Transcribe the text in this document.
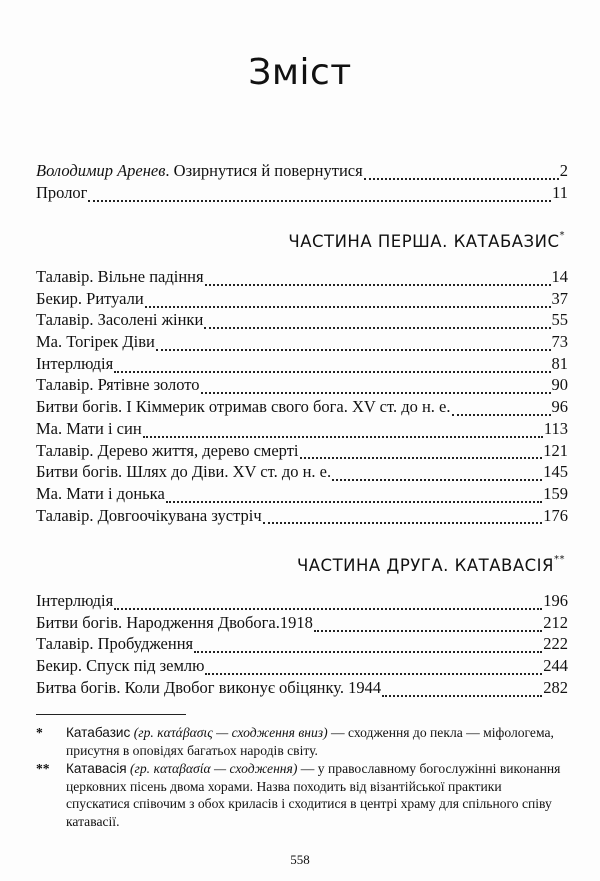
Зміст
Володимир Аренев. Озирнутися й повернутися	2
Пролог	11
ЧАСТИНА ПЕРША. КАТАБАЗИС*
Талавір. Вільне падіння	14
Бекир. Ритуали	37
Талавір. Засолені жінки	55
Ма. Тогірек Діви	73
Інтерлюдія	81
Талавір. Рятівне золото	90
Битви богів. І Кіммерик отримав свого бога. XV ст. до н. е.	96
Ма. Мати і син	113
Талавір. Дерево життя, дерево смерті	121
Битви богів. Шлях до Діви. XV ст. до н. е.	145
Ма. Мати і донька	159
Талавір. Довгоочікувана зустріч	176
ЧАСТИНА ДРУГА. КАТАВАСІЯ**
Інтерлюдія	196
Битви богів. Народження Двобога.1918	212
Талавір. Пробудження	222
Бекир. Спуск під землю	244
Битва богів. Коли Двобог виконує обіцянку. 1944	282
*	Катабазис (гр. κατάβασις — сходження вниз) — сходження до пекла — міфологема, присутня в оповідях багатьох народів світу.
**	Катавасія (гр. καταβασία — сходження) — у православному богослужінні виконання церковних пісень двома хорами. Назва походить від візантійської практики спускатися співочим з обох криласів і сходитися в центрі храму для спільного співу катавасії.
558
